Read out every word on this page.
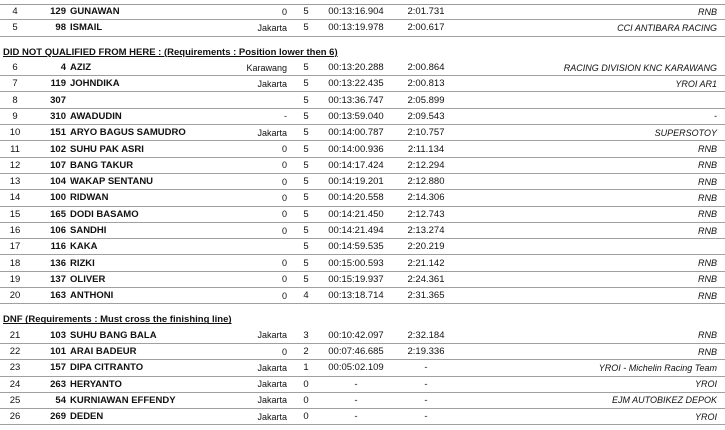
4	129	GUNAWAN	0	5	00:13:16.904	2:01.731	RNB
5	98	ISMAIL	Jakarta	5	00:13:19.978	2:00.617	CCI ANTIBARA RACING

DID NOT QUALIFIED FROM HERE : (Requirements : Position lower then 6)							
6	4	AZIZ	Karawang	5	00:13:20.288	2:00.864	RACING DIVISION KNC KARAWANG
7	119	JOHNDIKA	Jakarta	5	00:13:22.435	2:00.813	YROI AR1
8	307			5	00:13:36.747	2:05.899	
9	310	AWADUDIN	-	5	00:13:59.040	2:09.543	-
10	151	ARYO BAGUS SAMUDRO	Jakarta	5	00:14:00.787	2:10.757	SUPERSOTOY
11	102	SUHU PAK ASRI	0	5	00:14:00.936	2:11.134	RNB
12	107	BANG TAKUR	0	5	00:14:17.424	2:12.294	RNB
13	104	WAKAP SENTANU	0	5	00:14:19.201	2:12.880	RNB
14	100	RIDWAN	0	5	00:14:20.558	2:14.306	RNB
15	165	DODI BASAMO	0	5	00:14:21.450	2:12.743	RNB
16	106	SANDHI	0	5	00:14:21.494	2:13.274	RNB
17	116	KAKA		5	00:14:59.535	2:20.219	
18	136	RIZKI	0	5	00:15:00.593	2:21.142	RNB
19	137	OLIVER	0	5	00:15:19.937	2:24.361	RNB
20	163	ANTHONI	0	4	00:13:18.714	2:31.365	RNB

DNF (Requirements : Must cross the finishing line)							
21	103	SUHU BANG BALA	Jakarta	3	00:10:42.097	2:32.184	RNB
22	101	ARAI BADEUR	0	2	00:07:46.685	2:19.336	RNB
23	157	DIPA CITRANTO	Jakarta	1	00:05:02.109	-	YROI - Michelin Racing Team
24	263	HERYANTO	Jakarta	0	-	-	YROI
25	54	KURNIAWAN EFFENDY	Jakarta	0	-	-	EJM AUTOBIKEZ DEPOK
26	269	DEDEN	Jakarta	0	-	-	YROI
